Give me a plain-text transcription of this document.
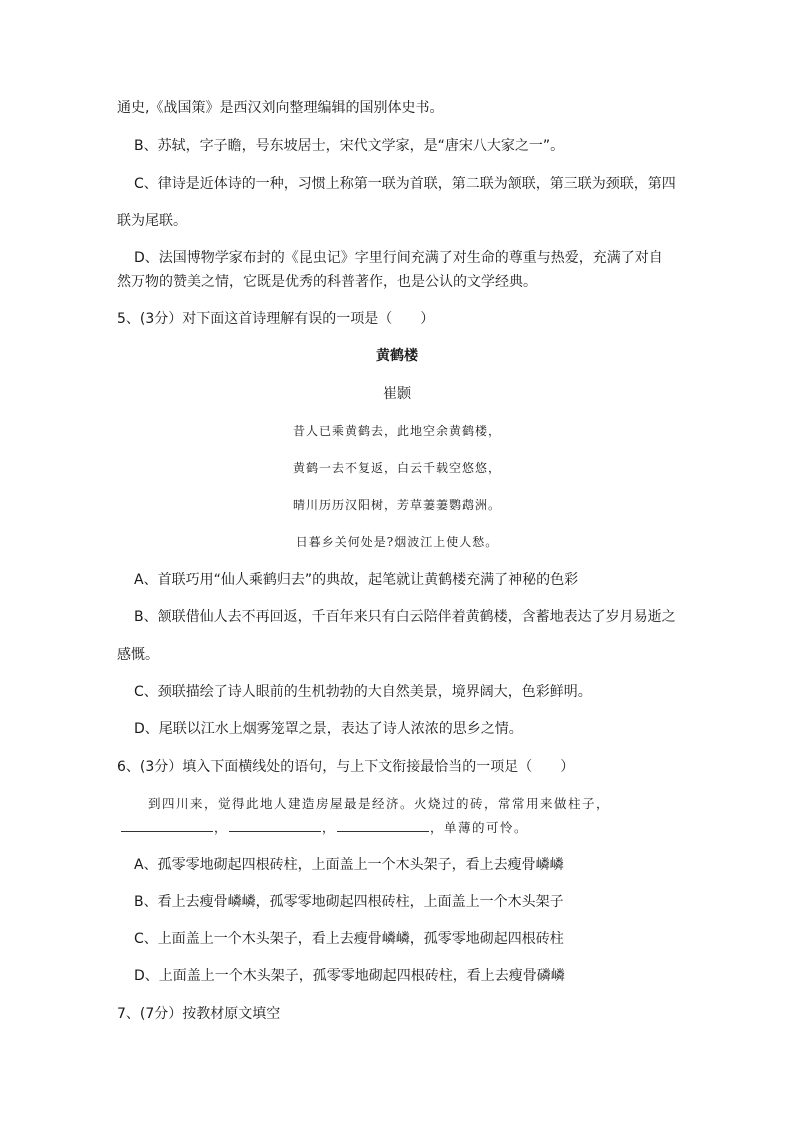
通史,《战国策》是西汉刘向整理编辑的国别体史书。
B、苏轼，字子瞻，号东坡居士，宋代文学家，是“唐宋八大家之一”。
C、律诗是近体诗的一种，习惯上称第一联为首联，第二联为颔联，第三联为颈联，第四
联为尾联。
D、法国博物学家布封的《昆虫记》字里行间充满了对生命的尊重与热爱，充满了对自
然万物的赞美之情，它既是优秀的科普著作，也是公认的文学经典。
5、(3分）对下面这首诗理解有误的一项是（　　）
黄鹤楼
崔颢
昔人已乘黄鹤去，此地空余黄鹤楼，
黄鹤一去不复返，白云千载空悠悠，
晴川历历汉阳树，芳草萋萋鹦鹉洲。
日暮乡关何处是?烟波江上使人愁。
A、首联巧用“仙人乘鹤归去”的典故，起笔就让黄鹤楼充满了神秘的色彩
B、颔联借仙人去不再回返，千百年来只有白云陪伴着黄鹤楼，含蓄地表达了岁月易逝之
感慨。
C、颈联描绘了诗人眼前的生机勃勃的大自然美景，境界阔大，色彩鲜明。
D、尾联以江水上烟雾笼罩之景，表达了诗人浓浓的思乡之情。
6、(3分）填入下面横线处的语句，与上下文衔接最恰当的一项足（　　）
到四川来，觉得此地人建造房屋最是经济。火烧过的砖，常常用来做柱子，
，	，	，单薄的可怜。
A、孤零零地砌起四根砖柱，上面盖上一个木头架子，看上去瘦骨嶙嶙
B、看上去瘦骨嶙嶙，孤零零地砌起四根砖柱，上面盖上一个木头架子
C、上面盖上一个木头架子，看上去瘦骨嶙嶙，孤零零地砌起四根砖柱
D、上面盖上一个木头架子，孤零零地砌起四根砖柱，看上去瘦骨磷嶙
7、(7分）按教材原文填空
